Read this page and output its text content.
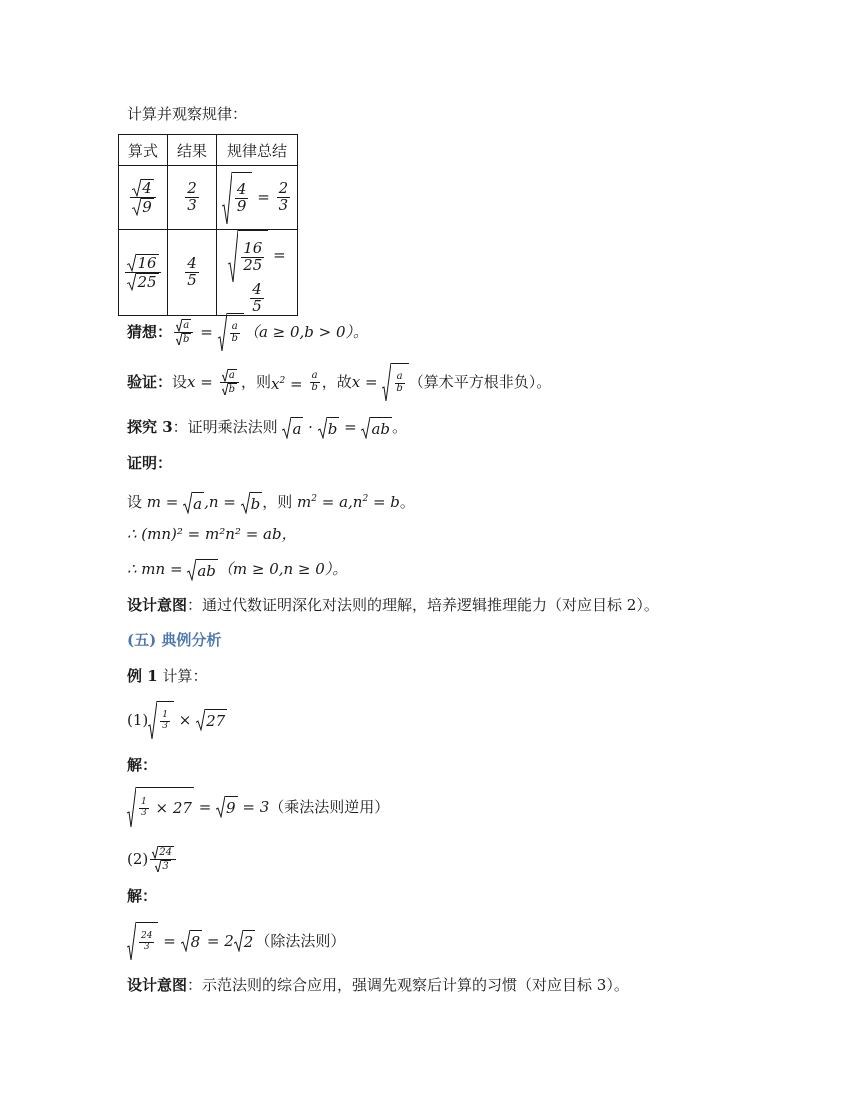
计算并观察规律：
算式	结果	规律总结

$\frac{4}{9}$	$\frac{2}{3}$	$\frac{4}{9} = \frac{2}{3}$

$\frac{16}{25}$	$\frac{4}{5}$	$\frac{16}{25}$ =
$\frac{4}{5}$
猜想： $\frac{a}{b} = \frac{a}{b} (a \ge 0,b > 0)$。
验证： 设 $x = \frac{a}{b}$ ，则 $x^2 = \frac{a}{b}$ ，故 $x = \frac{a}{b}$ （算术平方根非负）。
探究 3：证明乘法法则 a · b = ab 。
证明：
设 m = a ,n = b ，则 $m^2 = a,n^2 = b$。
∴ (mn)² = m²n² = ab，
∴ mn = ab （m ≥ 0,n ≥ 0）。
设计意图：通过代数证明深化对法则的理解，培养逻辑推理能力（对应目标 2）。
(五) 典例分析
例 1 计算：
$(1) \frac{1}{3} \times 27$
解：
$\frac{1}{3} \times 27 = 9 = 3$ （乘法法则逆用）
$(2) \frac{24}{3}$
解：
$\frac{24}{3} = 8 = 2$ 2 （除法法则）
设计意图：示范法则的综合应用，强调先观察后计算的习惯（对应目标 3）。
